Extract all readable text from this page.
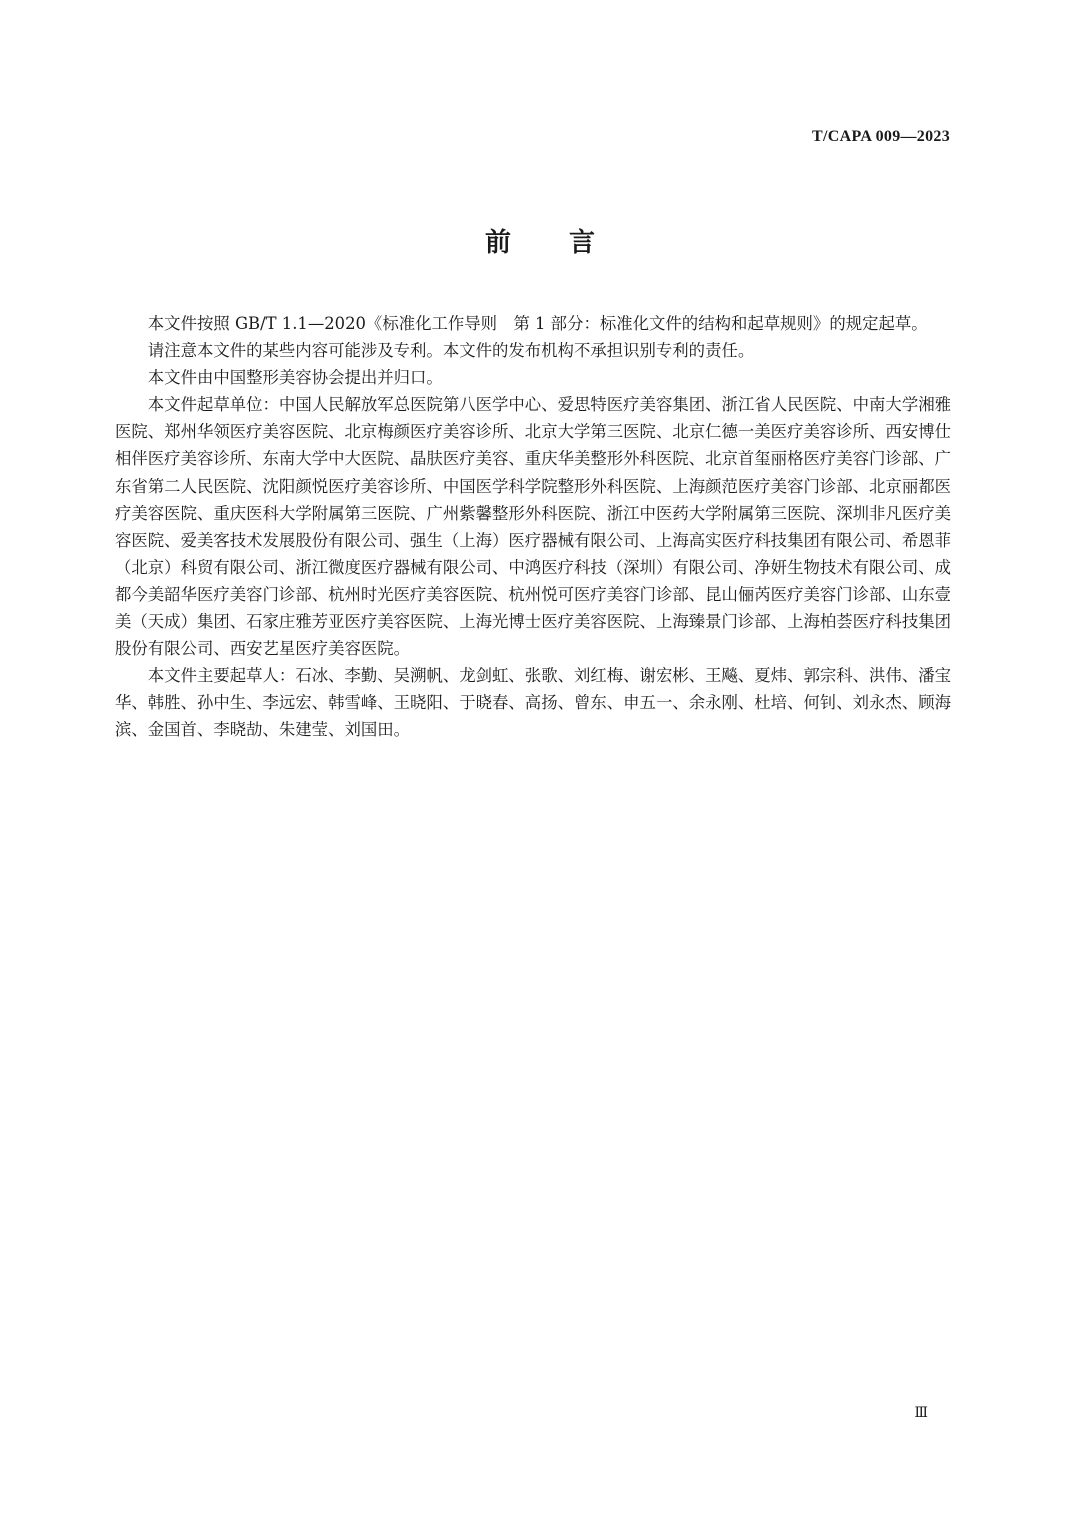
T/CAPA 009—2023
前言

本文件按照 GB/T 1.1—2020《标准化工作导则　第 1 部分：标准化文件的结构和起草规则》的规定起草。

请注意本文件的某些内容可能涉及专利。本文件的发布机构不承担识别专利的责任。

本文件由中国整形美容协会提出并归口。

本文件起草单位：中国人民解放军总医院第八医学中心、爱思特医疗美容集团、浙江省人民医院、中南大学湘雅医院、郑州华领医疗美容医院、北京梅颜医疗美容诊所、北京大学第三医院、北京仁德一美医疗美容诊所、西安博仕相伴医疗美容诊所、东南大学中大医院、晶肤医疗美容、重庆华美整形外科医院、北京首玺丽格医疗美容门诊部、广东省第二人民医院、沈阳颜悦医疗美容诊所、中国医学科学院整形外科医院、上海颜范医疗美容门诊部、北京丽都医疗美容医院、重庆医科大学附属第三医院、广州紫馨整形外科医院、浙江中医药大学附属第三医院、深圳非凡医疗美容医院、爱美客技术发展股份有限公司、强生（上海）医疗器械有限公司、上海高实医疗科技集团有限公司、希恩菲（北京）科贸有限公司、浙江微度医疗器械有限公司、中鸿医疗科技（深圳）有限公司、净妍生物技术有限公司、成都今美韶华医疗美容门诊部、杭州时光医疗美容医院、杭州悦可医疗美容门诊部、昆山俪芮医疗美容门诊部、山东壹美（天成）集团、石家庄雅芳亚医疗美容医院、上海光博士医疗美容医院、上海臻景门诊部、上海柏荟医疗科技集团股份有限公司、西安艺星医疗美容医院。

本文件主要起草人：石冰、李勤、吴溯帆、龙剑虹、张歌、刘红梅、谢宏彬、王飚、夏炜、郭宗科、洪伟、潘宝华、韩胜、孙中生、李远宏、韩雪峰、王晓阳、于晓春、高扬、曾东、申五一、余永刚、杜培、何钊、刘永杰、顾海滨、金国首、李晓劼、朱建莹、刘国田。

Ⅲ
